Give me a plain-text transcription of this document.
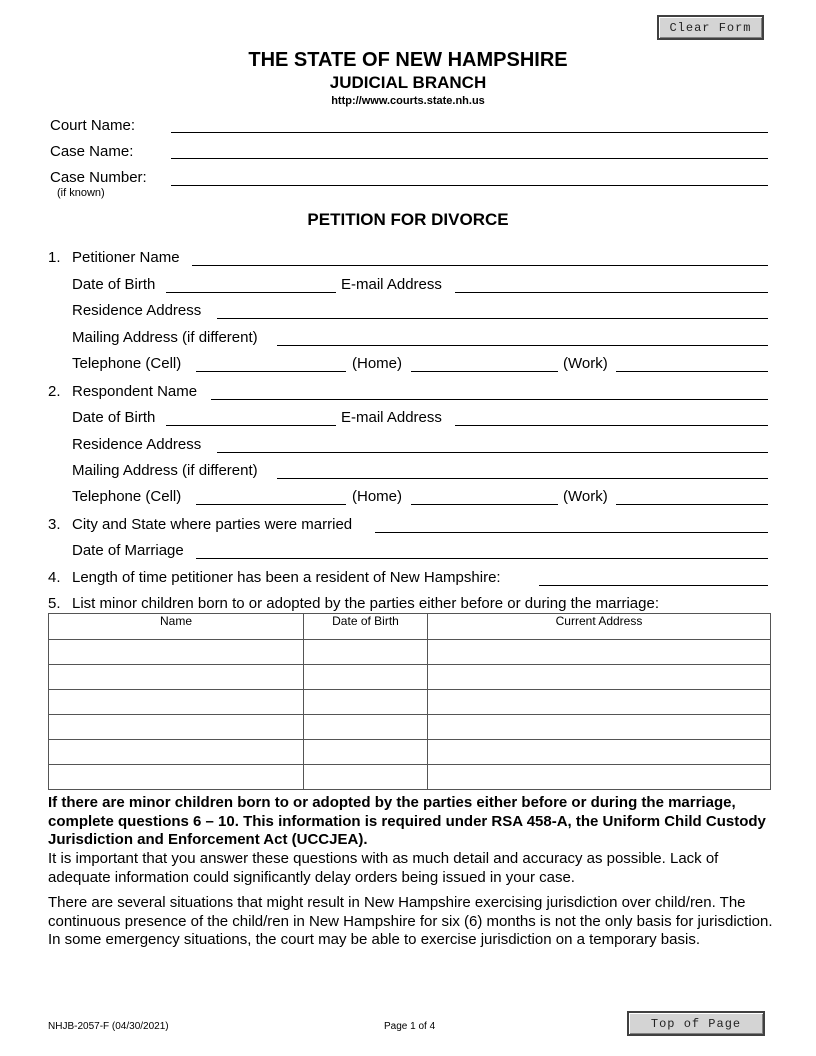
Clear Form
Top of Page
THE STATE OF NEW HAMPSHIRE
JUDICIAL BRANCH
http://www.courts.state.nh.us
Court Name:
Case Name:
Case Number:
(if known)
PETITION FOR DIVORCE
1. Petitioner Name
Date of Birth	E-mail Address
Residence Address
Mailing Address (if different)
Telephone (Cell)	(Home)	(Work)
2. Respondent Name
Date of Birth	E-mail Address
Residence Address
Mailing Address (if different)
Telephone (Cell)	(Home)	(Work)
3. City and State where parties were married
Date of Marriage
4. Length of time petitioner has been a resident of New Hampshire:
5. List minor children born to or adopted by the parties either before or during the marriage:
Name	Date of Birth	Current Address

If there are minor children born to or adopted by the parties either before or during the marriage, complete questions 6 – 10. This information is required under RSA 458-A, the Uniform Child Custody Jurisdiction and Enforcement Act (UCCJEA).
It is important that you answer these questions with as much detail and accuracy as possible. Lack of adequate information could significantly delay orders being issued in your case.
There are several situations that might result in New Hampshire exercising jurisdiction over child/ren. The continuous presence of the child/ren in New Hampshire for six (6) months is not the only basis for jurisdiction. In some emergency situations, the court may be able to exercise jurisdiction on a temporary basis.
NHJB-2057-F (04/30/2021)	Page 1 of 4
